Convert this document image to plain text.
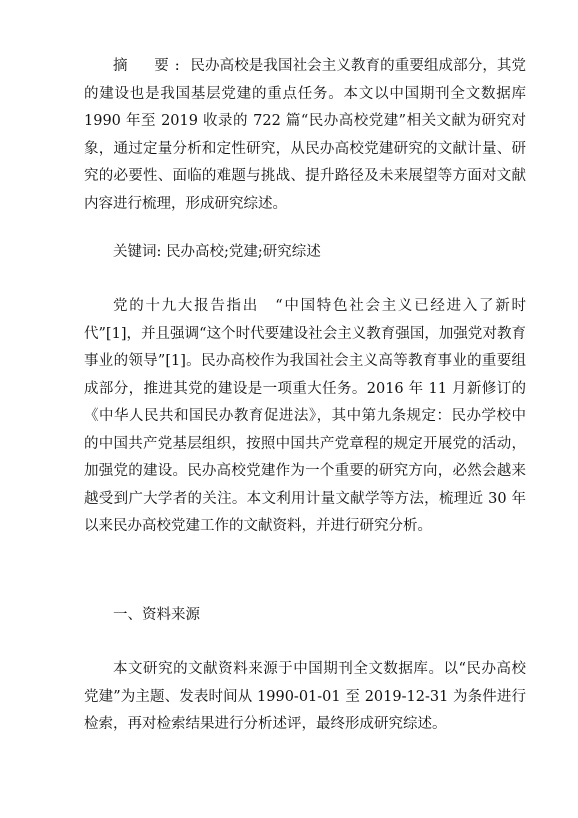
摘　要: 民办高校是我国社会主义教育的重要组成部分，其党的建设也是我国基层党建的重点任务。本文以中国期刊全文数据库 1990 年至 2019 收录的 722 篇“民办高校党建”相关文献为研究对象，通过定量分析和定性研究，从民办高校党建研究的文献计量、研究的必要性、面临的难题与挑战、提升路径及未来展望等方面对文献内容进行梳理，形成研究综述。

关键词: 民办高校;党建;研究综述

党的十九大报告指出　“中国特色社会主义已经进入了新时代”[1]，并且强调“这个时代要建设社会主义教育强国，加强党对教育事业的领导”[1]。民办高校作为我国社会主义高等教育事业的重要组成部分，推进其党的建设是一项重大任务。2016 年 11 月新修订的《中华人民共和国民办教育促进法》，其中第九条规定：民办学校中的中国共产党基层组织，按照中国共产党章程的规定开展党的活动，加强党的建设。民办高校党建作为一个重要的研究方向，必然会越来越受到广大学者的关注。本文利用计量文献学等方法，梳理近 30 年以来民办高校党建工作的文献资料，并进行研究分析。

一、资料来源

本文研究的文献资料来源于中国期刊全文数据库。以“民办高校党建”为主题、发表时间从 1990-01-01 至 2019-12-31 为条件进行检索，再对检索结果进行分析述评，最终形成研究综述。
